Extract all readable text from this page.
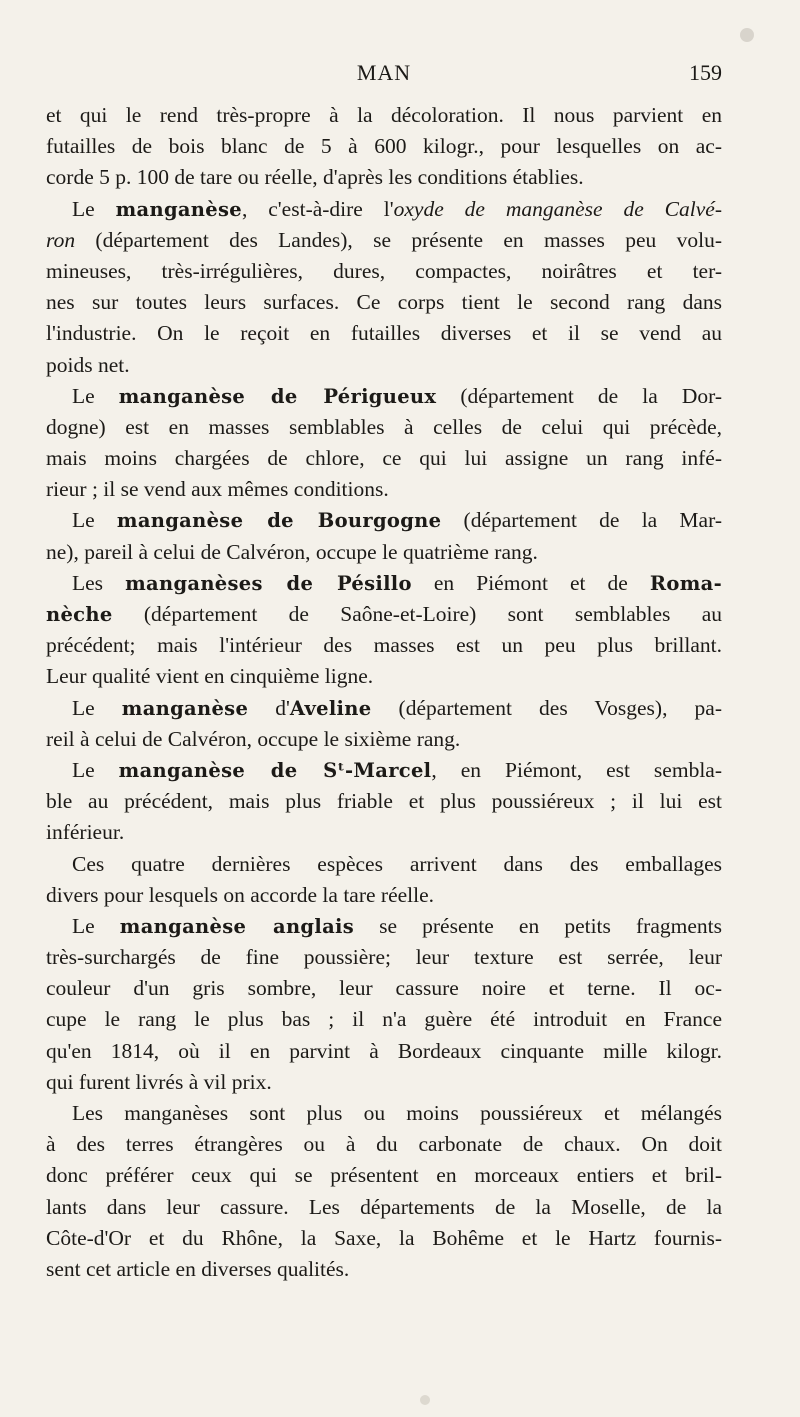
MAN	159
et qui le rend très-propre à la décoloration. Il nous parvient en
futailles de bois blanc de 5 à 600 kilogr., pour lesquelles on ac-
corde 5 p. 100 de tare ou réelle, d'après les conditions établies.
Le manganèse, c'est-à-dire l'oxyde de manganèse de Calvé-
ron (département des Landes), se présente en masses peu volu-
mineuses, très-irrégulières, dures, compactes, noirâtres et ter-
nes sur toutes leurs surfaces. Ce corps tient le second rang dans
l'industrie. On le reçoit en futailles diverses et il se vend au
poids net.
Le manganèse de Périgueux (département de la Dor-
dogne) est en masses semblables à celles de celui qui précède,
mais moins chargées de chlore, ce qui lui assigne un rang infé-
rieur ; il se vend aux mêmes conditions.
Le manganèse de Bourgogne (département de la Mar-
ne), pareil à celui de Calvéron, occupe le quatrième rang.
Les manganèses de Pésillo en Piémont et de Roma-
nèche (département de Saône-et-Loire) sont semblables au
précédent; mais l'intérieur des masses est un peu plus brillant.
Leur qualité vient en cinquième ligne.
Le manganèse d'Aveline (département des Vosges), pa-
reil à celui de Calvéron, occupe le sixième rang.
Le manganèse de Sᵗ-Marcel, en Piémont, est sembla-
ble au précédent, mais plus friable et plus poussiéreux ; il lui est
inférieur.
Ces quatre dernières espèces arrivent dans des emballages
divers pour lesquels on accorde la tare réelle.
Le manganèse anglais se présente en petits fragments
très-surchargés de fine poussière; leur texture est serrée, leur
couleur d'un gris sombre, leur cassure noire et terne. Il oc-
cupe le rang le plus bas ; il n'a guère été introduit en France
qu'en 1814, où il en parvint à Bordeaux cinquante mille kilogr.
qui furent livrés à vil prix.
Les manganèses sont plus ou moins poussiéreux et mélangés
à des terres étrangères ou à du carbonate de chaux. On doit
donc préférer ceux qui se présentent en morceaux entiers et bril-
lants dans leur cassure. Les départements de la Moselle, de la
Côte-d'Or et du Rhône, la Saxe, la Bohême et le Hartz fournis-
sent cet article en diverses qualités.
